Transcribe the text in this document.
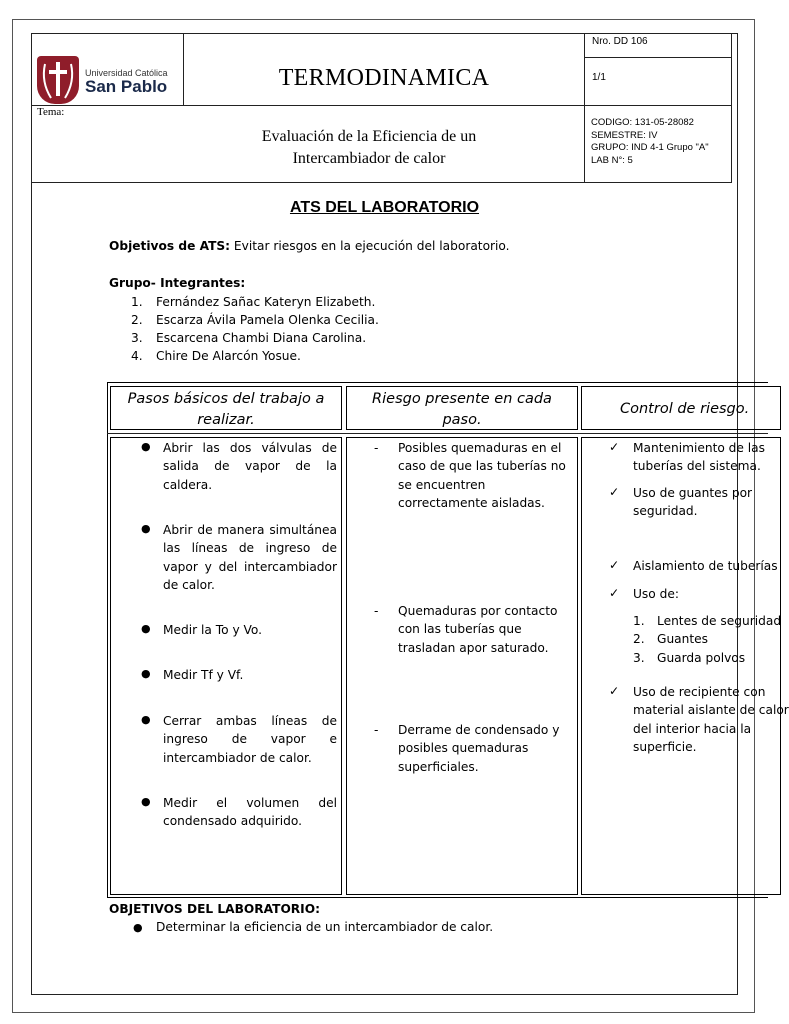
Universidad Católica
San Pablo	TERMODINAMICA
Nro. DD 106
1/1
Tema:
Evaluación de la Eficiencia de un
Intercambiador de calor
CODIGO: 131-05-28082
SEMESTRE: IV
GRUPO: IND 4-1 Grupo "A"
LAB N°: 5
ATS DEL LABORATORIO
Objetivos de ATS: Evitar riesgos en la ejecución del laboratorio.
Grupo- Integrantes:
1. Fernández Sañac Kateryn Elizabeth.
2. Escarza Ávila Pamela Olenka Cecilia.
3. Escarcena Chambi Diana Carolina.
4. Chire De Alarcón Yosue.
Pasos básicos del trabajo a
realizar.
Riesgo presente en cada
paso.
Control de riesgo.
Abrir las dos válvulas de salida de vapor de la caldera.
Abrir de manera simultánea las líneas de ingreso de vapor y del intercambiador de calor.
Medir la To y Vo.
Medir Tf y Vf.
Cerrar ambas líneas de ingreso de vapor e intercambiador de calor.
Medir el volumen del condensado adquirido.
●
●
●
●
●
●
- Posibles quemaduras en el caso de que las tuberías no se encuentren correctamente aisladas.
- Quemaduras por contacto con las tuberías que trasladan apor saturado.
- Derrame de condensado y posibles quemaduras superficiales.
✓ Mantenimiento de las
tuberías del sistema.
✓ Uso de guantes por
seguridad.
✓ Aislamiento de tuberías
✓ Uso de:
1. Lentes de seguridad
2. Guantes
3. Guarda polvos
✓ Uso de recipiente con
material aislante de calor
del interior hacia la
superficie.
OBJETIVOS DEL LABORATORIO:
● Determinar la eficiencia de un intercambiador de calor.
